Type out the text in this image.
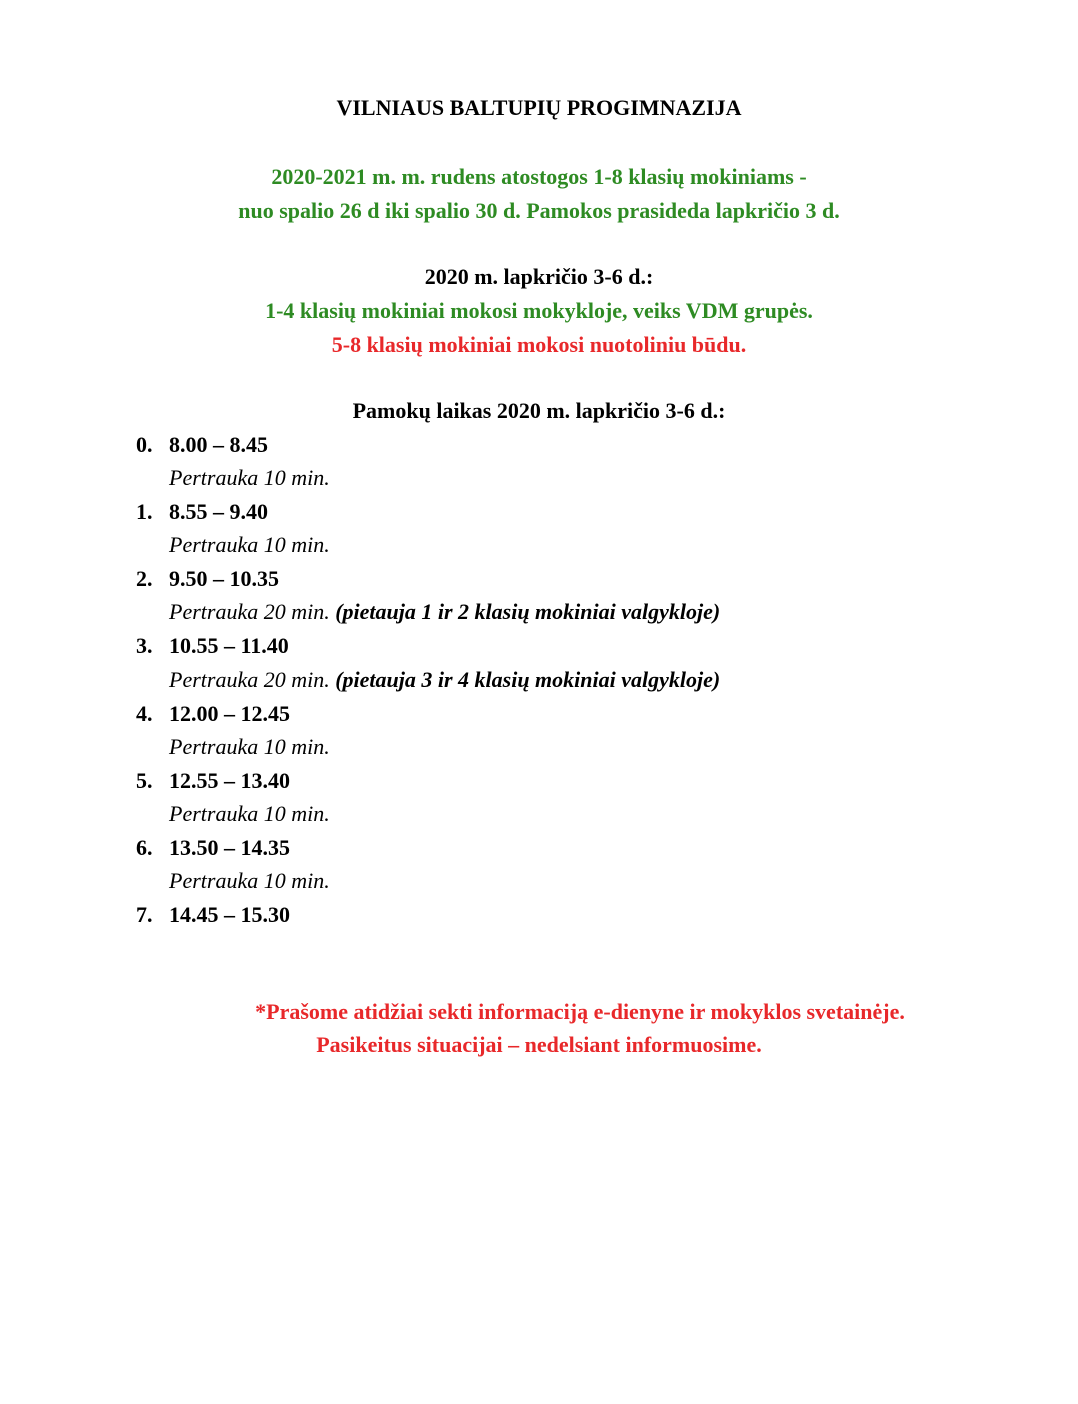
VILNIAUS BALTUPIŲ PROGIMNAZIJA
2020-2021 m. m. rudens atostogos 1-8 klasių mokiniams -
nuo spalio 26 d iki spalio 30 d. Pamokos prasideda lapkričio 3 d.
2020 m. lapkričio 3-6 d.:
1-4 klasių mokiniai mokosi mokykloje, veiks VDM grupės.
5-8 klasių mokiniai mokosi nuotoliniu būdu.
Pamokų laikas 2020 m. lapkričio 3-6 d.:
0. 8.00 – 8.45
Pertrauka 10 min.
1. 8.55 – 9.40
Pertrauka 10 min.
2. 9.50 – 10.35
Pertrauka 20 min. (pietauja 1 ir 2 klasių mokiniai valgykloje)
3. 10.55 – 11.40
Pertrauka 20 min. (pietauja 3 ir 4 klasių mokiniai valgykloje)
4. 12.00 – 12.45
Pertrauka 10 min.
5. 12.55 – 13.40
Pertrauka 10 min.
6. 13.50 – 14.35
Pertrauka 10 min.
7. 14.45 – 15.30
*Prašome atidžiai sekti informaciją e-dienyne ir mokyklos svetainėje.
Pasikeitus situacijai – nedelsiant informuosime.
